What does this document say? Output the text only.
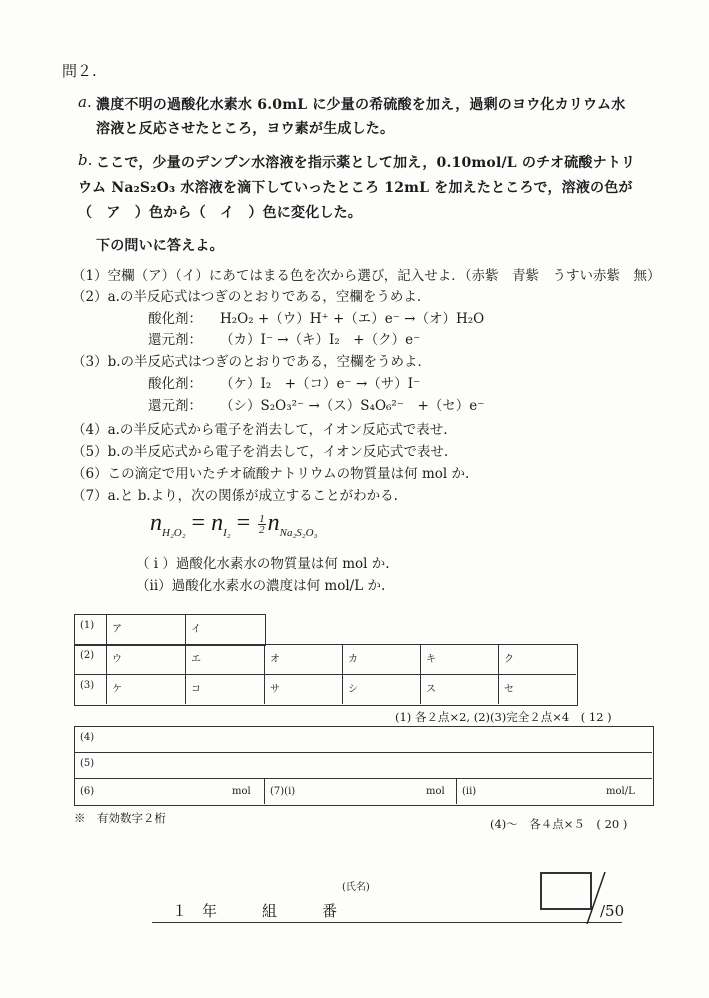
問２.
a. 濃度不明の過酸化水素水 6.0mL に少量の希硫酸を加え，過剰のヨウ化カリウム水
溶液と反応させたところ，ヨウ素が生成した。
b. ここで，少量のデンプン水溶液を指示薬として加え，0.10mol/L のチオ硫酸ナトリ
ウム Na₂S₂O₃ 水溶液を滴下していったところ 12mL を加えたところで，溶液の色が
（　ア　）色から（　イ　）色に変化した。
下の問いに答えよ。
（1）空欄（ア）（イ）にあてはまる色を次から選び，記入せよ．（赤紫　青紫　うすい赤紫　無）
（2）a.の半反応式はつぎのとおりである，空欄をうめよ．
酸化剤： H₂O₂ +（ウ）H⁺ +（エ）e⁻ →（オ）H₂O
還元剤： （カ）I⁻ →（キ）I₂　+（ク）e⁻
（3）b.の半反応式はつぎのとおりである，空欄をうめよ．
酸化剤： （ケ）I₂　+（コ）e⁻ →（サ）I⁻
還元剤： （シ）S₂O₃²⁻ →（ス）S₄O₆²⁻　+（セ）e⁻
（4）a.の半反応式から電子を消去して，イオン反応式で表せ.
（5）b.の半反応式から電子を消去して，イオン反応式で表せ.
（6）この滴定で用いたチオ硫酸ナトリウムの物質量は何 mol か.
（7）a.と b.より，次の関係が成立することがわかる.
$n_{H_2O_2} = n_{I_2} = \frac{1}{2} n_{Na_2S_2O_3}$
（ i ）過酸化水素水の物質量は何 mol か.
（ii）過酸化水素水の濃度は何 mol/L か.
(1) ア	イ
(2) ウ	エ	オ	カ	キ	ク
(3) ケ	コ	サ	シ	ス	セ
(1) 各２点×2, (2)(3)完全２点×4　( 12 )
(4)
(5)
(6)	mol (7)(i)	mol (ii)	mol/L
※　有効数字２桁	(4)～　各４点×５　( 20 )
(氏名)
１　年　　　組　　　番	/50
